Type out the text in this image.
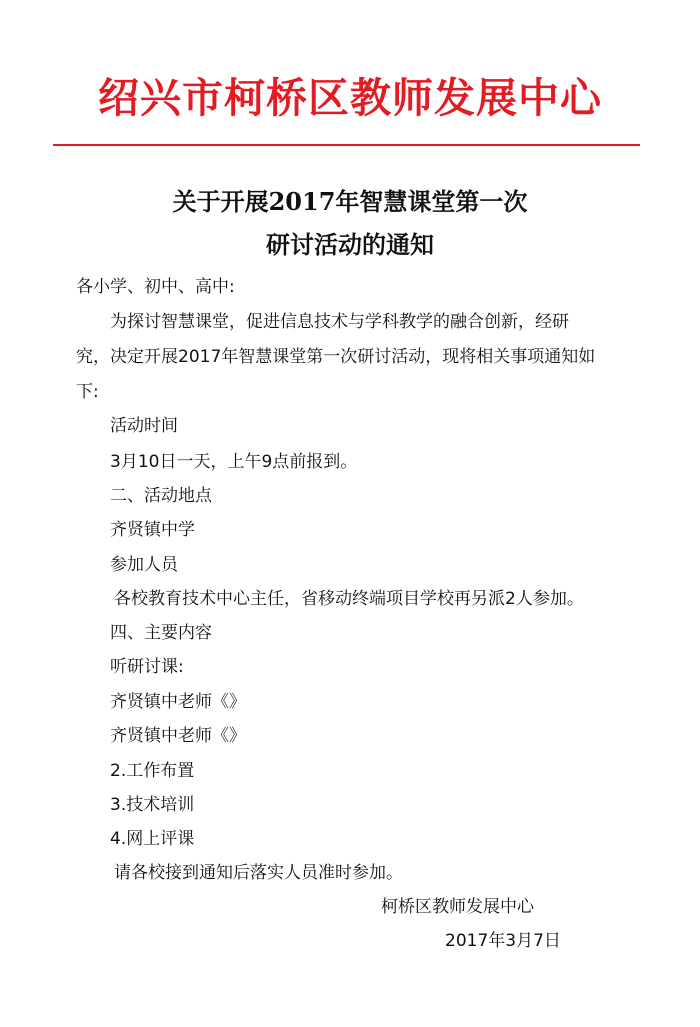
绍兴市柯桥区教师发展中心
关于开展2017年智慧课堂第一次
研讨活动的通知
各小学、初中、高中:
为探讨智慧课堂，促进信息技术与学科教学的融合创新，经研
究，决定开展2017年智慧课堂第一次研讨活动，现将相关事项通知如
下:
活动时间
3月10日一天，上午9点前报到。
二、活动地点
齐贤镇中学
参加人员
各校教育技术中心主任，省移动终端项目学校再另派2人参加。
四、主要内容
听研讨课:
齐贤镇中老师《》
齐贤镇中老师《》
2.工作布置
3.技术培训
4.网上评课
请各校接到通知后落实人员准时参加。
柯桥区教师发展中心
2017年3月7日
